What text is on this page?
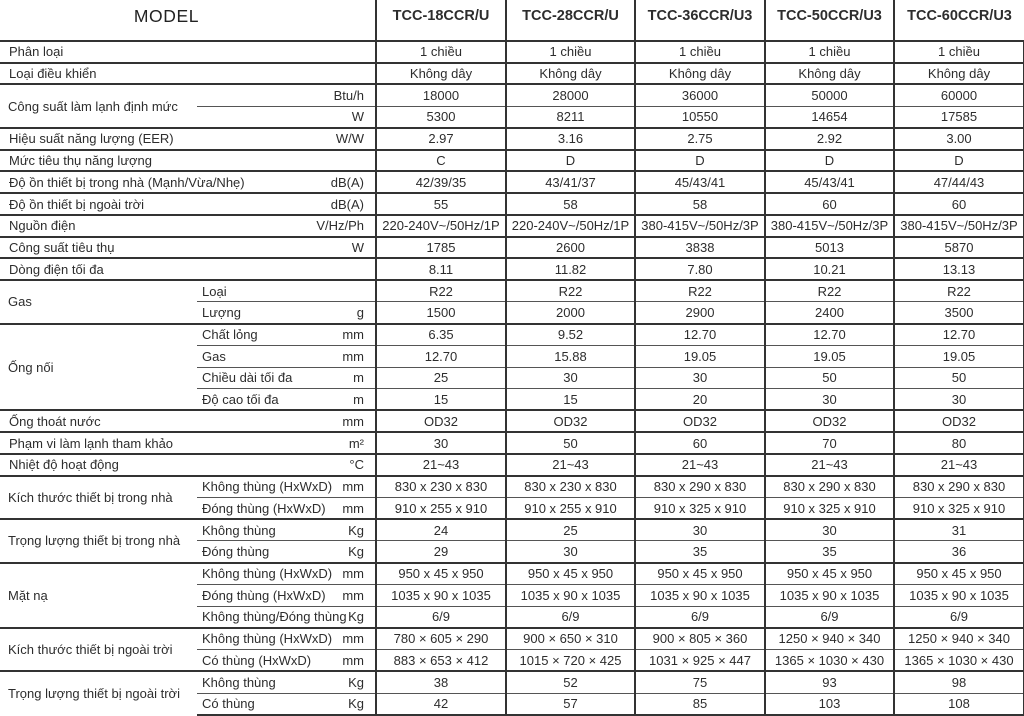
MODEL		TCC-18CCR/U	TCC-28CCR/U	TCC-36CCR/U3	TCC-50CCR/U3	TCC-60CCR/U3

Phân loại		1 chiều	1 chiều	1 chiều	1 chiều	1 chiều

Loại điều khiển		Không dây	Không dây	Không dây	Không dây	Không dây
Công suất làm lạnh định mức	Btu/h	18000	28000	36000	50000	60000

	W	5300	8211	10550	14654	17585

Hiệu suất năng lượng (EER) W/W		2.97	3.16	2.75	2.92	3.00

Mức tiêu thụ năng lượng		C	D	D	D	D

Độ ồn thiết bị trong nhà (Mạnh/Vừa/Nhẹ) dB(A)		42/39/35	43/41/37	45/43/41	45/43/41	47/44/43

Độ ồn thiết bị ngoài trời dB(A)		55	58	58	60	60

Nguồn điện V/Hz/Ph		220-240V~/50Hz/1P	220-240V~/50Hz/1P	380-415V~/50Hz/3P	380-415V~/50Hz/3P	380-415V~/50Hz/3P

Công suất tiêu thụ W		1785	2600	3838	5013	5870

Dòng điện tối đa		8.11	11.82	7.80	10.21	13.13
Gas	Loại	R22	R22	R22	R22	R22

	Lượng g	1500	2000	2900	2400	3500
Ống nối	Chất lỏng mm	6.35	9.52	12.70	12.70	12.70

	Gas mm	12.70	15.88	19.05	19.05	19.05

	Chiều dài tối đa m	25	30	30	50	50

	Độ cao tối đa m	15	15	20	30	30

Ống thoát nước mm		OD32	OD32	OD32	OD32	OD32

Phạm vi làm lạnh tham khảo m²		30	50	60	70	80

Nhiệt độ hoạt động °C		21~43	21~43	21~43	21~43	21~43
Kích thước thiết bị trong nhà	Không thùng (HxWxD) mm	830 x 230 x 830	830 x 230 x 830	830 x 290 x 830	830 x 290 x 830	830 x 290 x 830

	Đóng thùng (HxWxD) mm	910 x 255 x 910	910 x 255 x 910	910 x 325 x 910	910 x 325 x 910	910 x 325 x 910
Trọng lượng thiết bị trong nhà	Không thùng Kg	24	25	30	30	31

	Đóng thùng Kg	29	30	35	35	36
Mặt nạ	Không thùng (HxWxD) mm	950 x 45 x 950	950 x 45 x 950	950 x 45 x 950	950 x 45 x 950	950 x 45 x 950

	Đóng thùng (HxWxD) mm	1035 x 90 x 1035	1035 x 90 x 1035	1035 x 90 x 1035	1035 x 90 x 1035	1035 x 90 x 1035

	Không thùng/Đóng thùng Kg	6/9	6/9	6/9	6/9	6/9
Kích thước thiết bị ngoài trời	Không thùng (HxWxD) mm	780 × 605 × 290	900 × 650 × 310	900 × 805 × 360	1250 × 940 × 340	1250 × 940 × 340

	Có thùng (HxWxD) mm	883 × 653 × 412	1015 × 720 × 425	1031 × 925 × 447	1365 × 1030 × 430	1365 × 1030 × 430
Trọng lượng thiết bị ngoài trời	Không thùng Kg	38	52	75	93	98

	Có thùng Kg	42	57	85	103	108
